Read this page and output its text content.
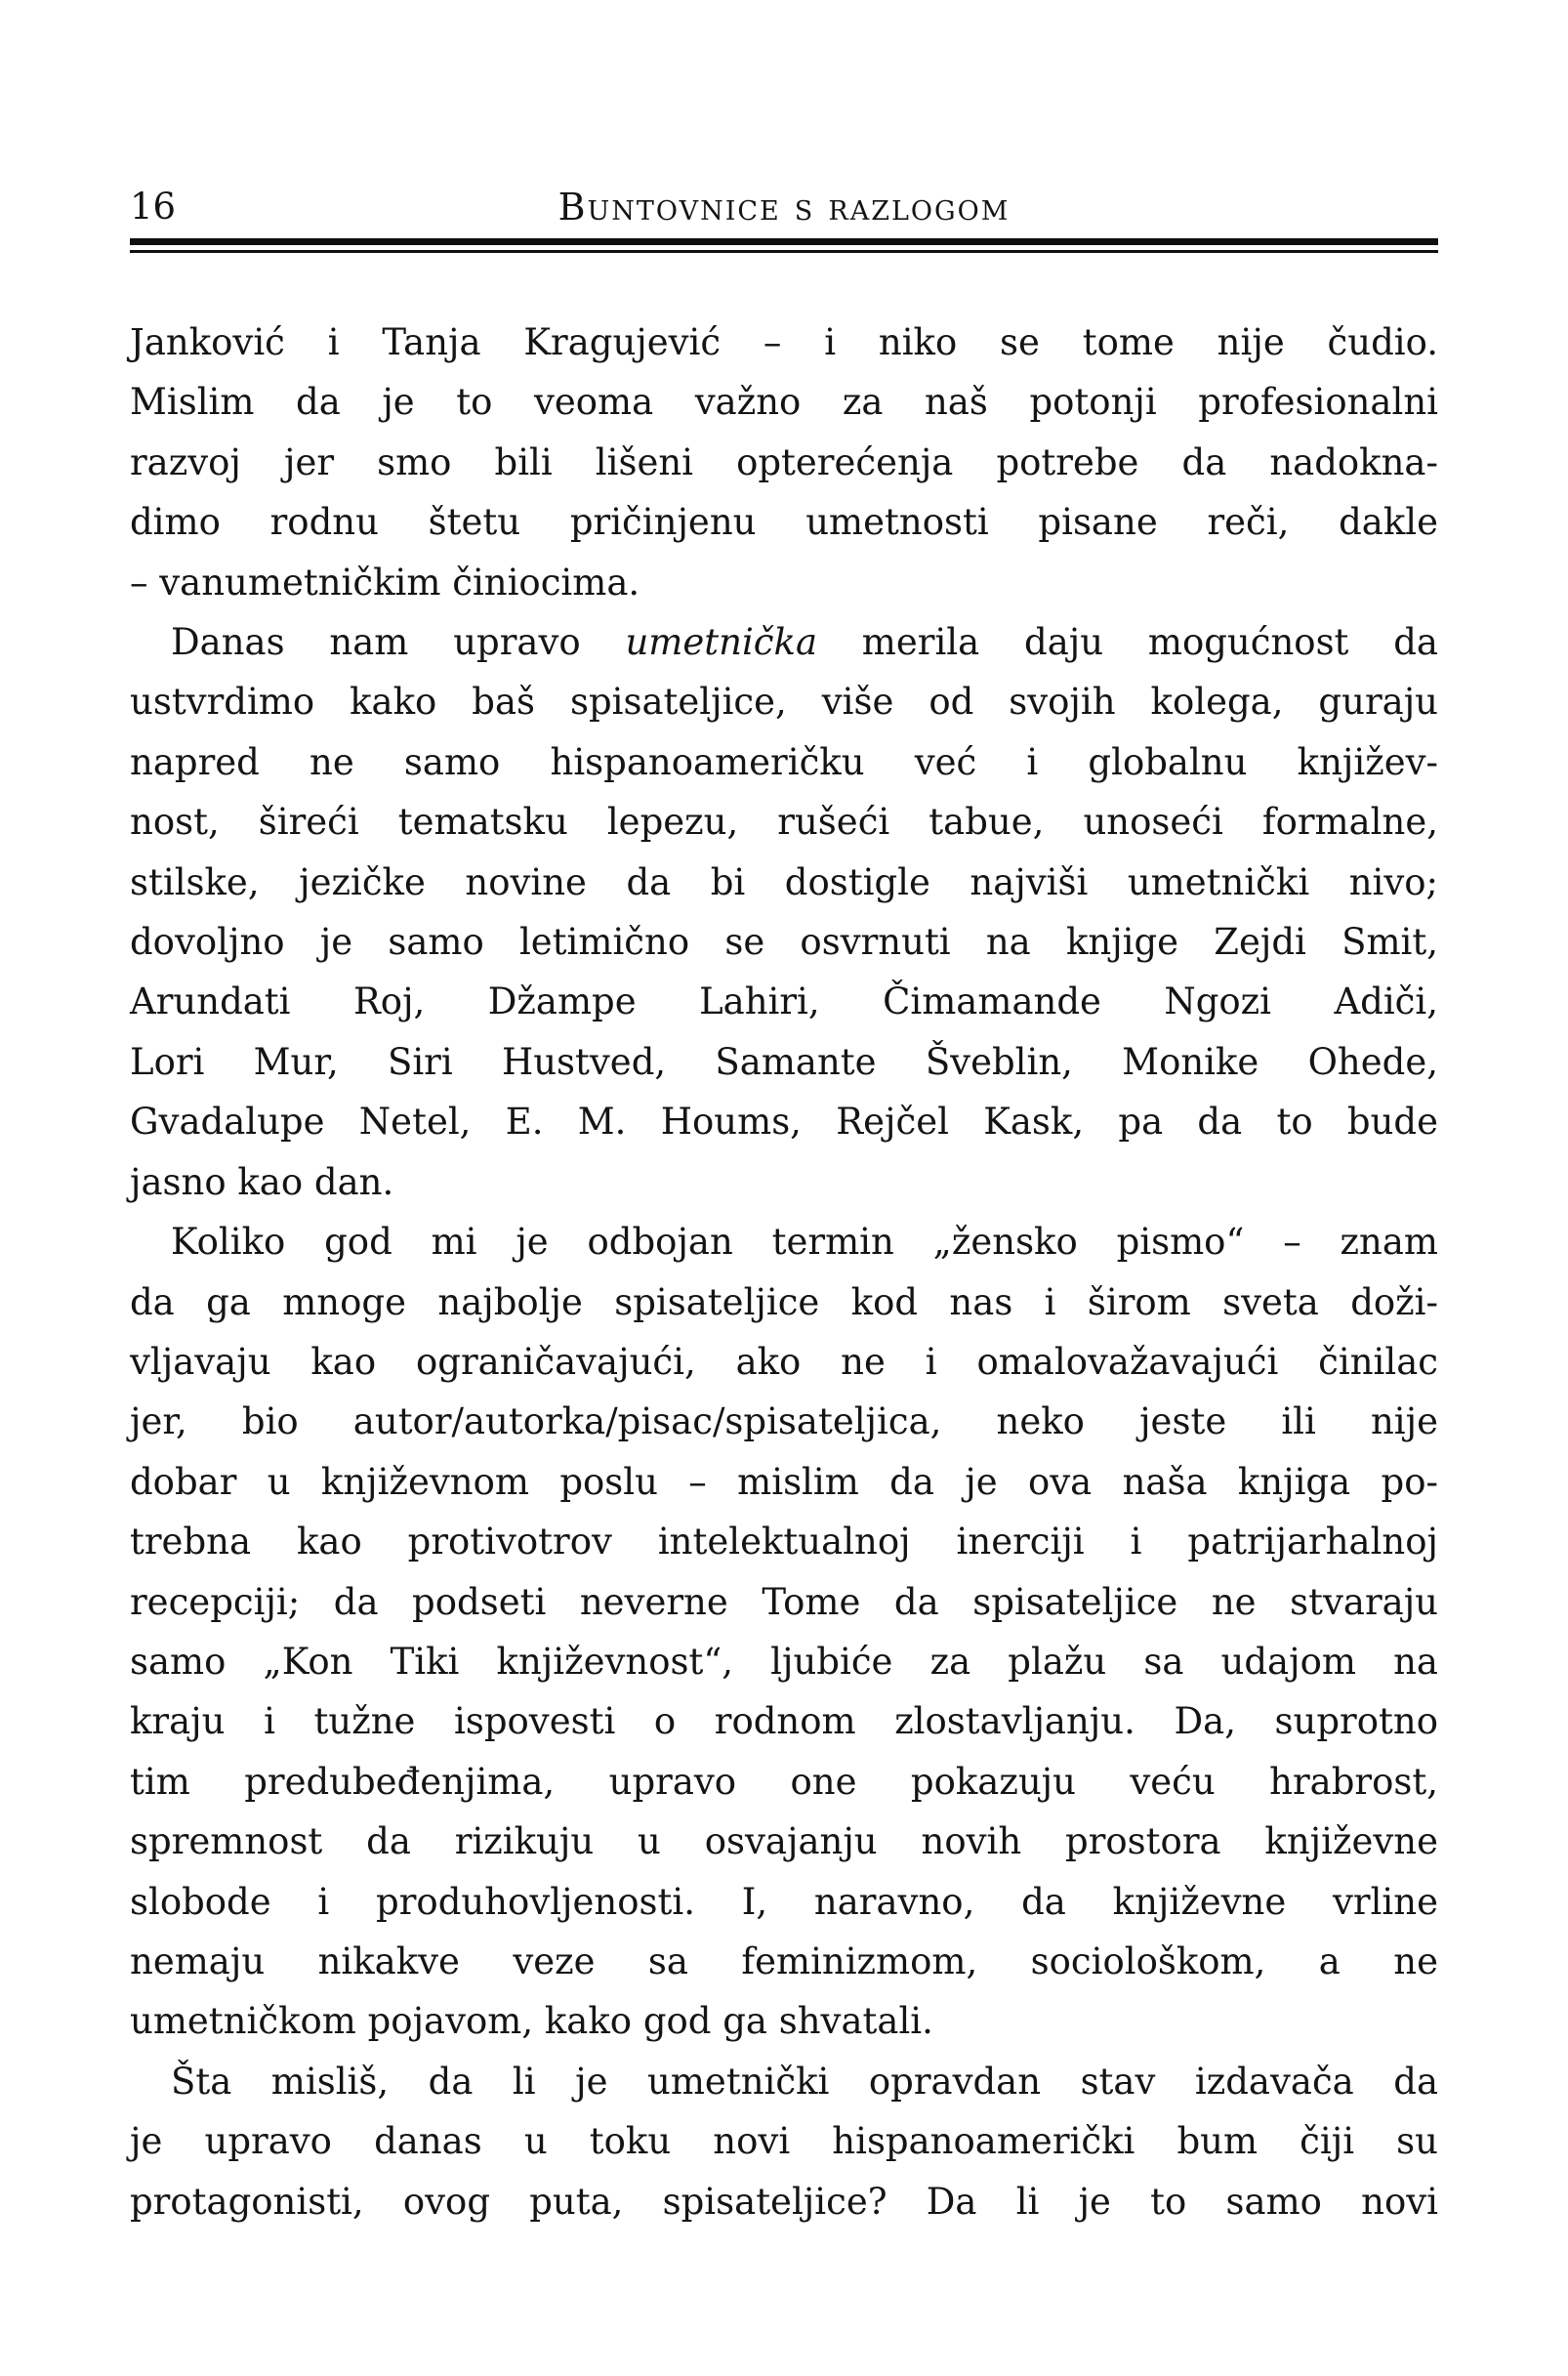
16	Buntovnice s razlogom
Janković i Tanja Kragujević – i niko se tome nije čudio.
Mislim da je to veoma važno za naš potonji profesionalni
razvoj jer smo bili lišeni opterećenja potrebe da nadokna-
dimo rodnu štetu pričinjenu umetnosti pisane reči, dakle
– vanumetničkim činiocima.
Danas nam upravo umetnička merila daju mogućnost da
ustvrdimo kako baš spisateljice, više od svojih kolega, guraju
napred ne samo hispanoameričku već i globalnu književ-
nost, šireći tematsku lepezu, rušeći tabue, unoseći formalne,
stilske, jezičke novine da bi dostigle najviši umetnički nivo;
dovoljno je samo letimično se osvrnuti na knjige Zejdi Smit,
Arundati Roj, Džampe Lahiri, Čimamande Ngozi Adiči,
Lori Mur, Siri Hustved, Samante Šveblin, Monike Ohede,
Gvadalupe Netel, E. M. Houms, Rejčel Kask, pa da to bude
jasno kao dan.
Koliko god mi je odbojan termin „žensko pismo“ – znam
da ga mnoge najbolje spisateljice kod nas i širom sveta doži-
vljavaju kao ograničavajući, ako ne i omalovažavajući činilac
jer, bio autor/autorka/pisac/spisateljica, neko jeste ili nije
dobar u književnom poslu – mislim da je ova naša knjiga po-
trebna kao protivotrov intelektualnoj inerciji i patrijarhalnoj
recepciji; da podseti neverne Tome da spisateljice ne stvaraju
samo „Kon Tiki književnost“, ljubiće za plažu sa udajom na
kraju i tužne ispovesti o rodnom zlostavljanju. Da, suprotno
tim predubeđenjima, upravo one pokazuju veću hrabrost,
spremnost da rizikuju u osvajanju novih prostora književne
slobode i produhovljenosti. I, naravno, da književne vrline
nemaju nikakve veze sa feminizmom, sociološkom, a ne
umetničkom pojavom, kako god ga shvatali.
Šta misliš, da li je umetnički opravdan stav izdavača da
je upravo danas u toku novi hispanoamerički bum čiji su
protagonisti, ovog puta, spisateljice? Da li je to samo novi
